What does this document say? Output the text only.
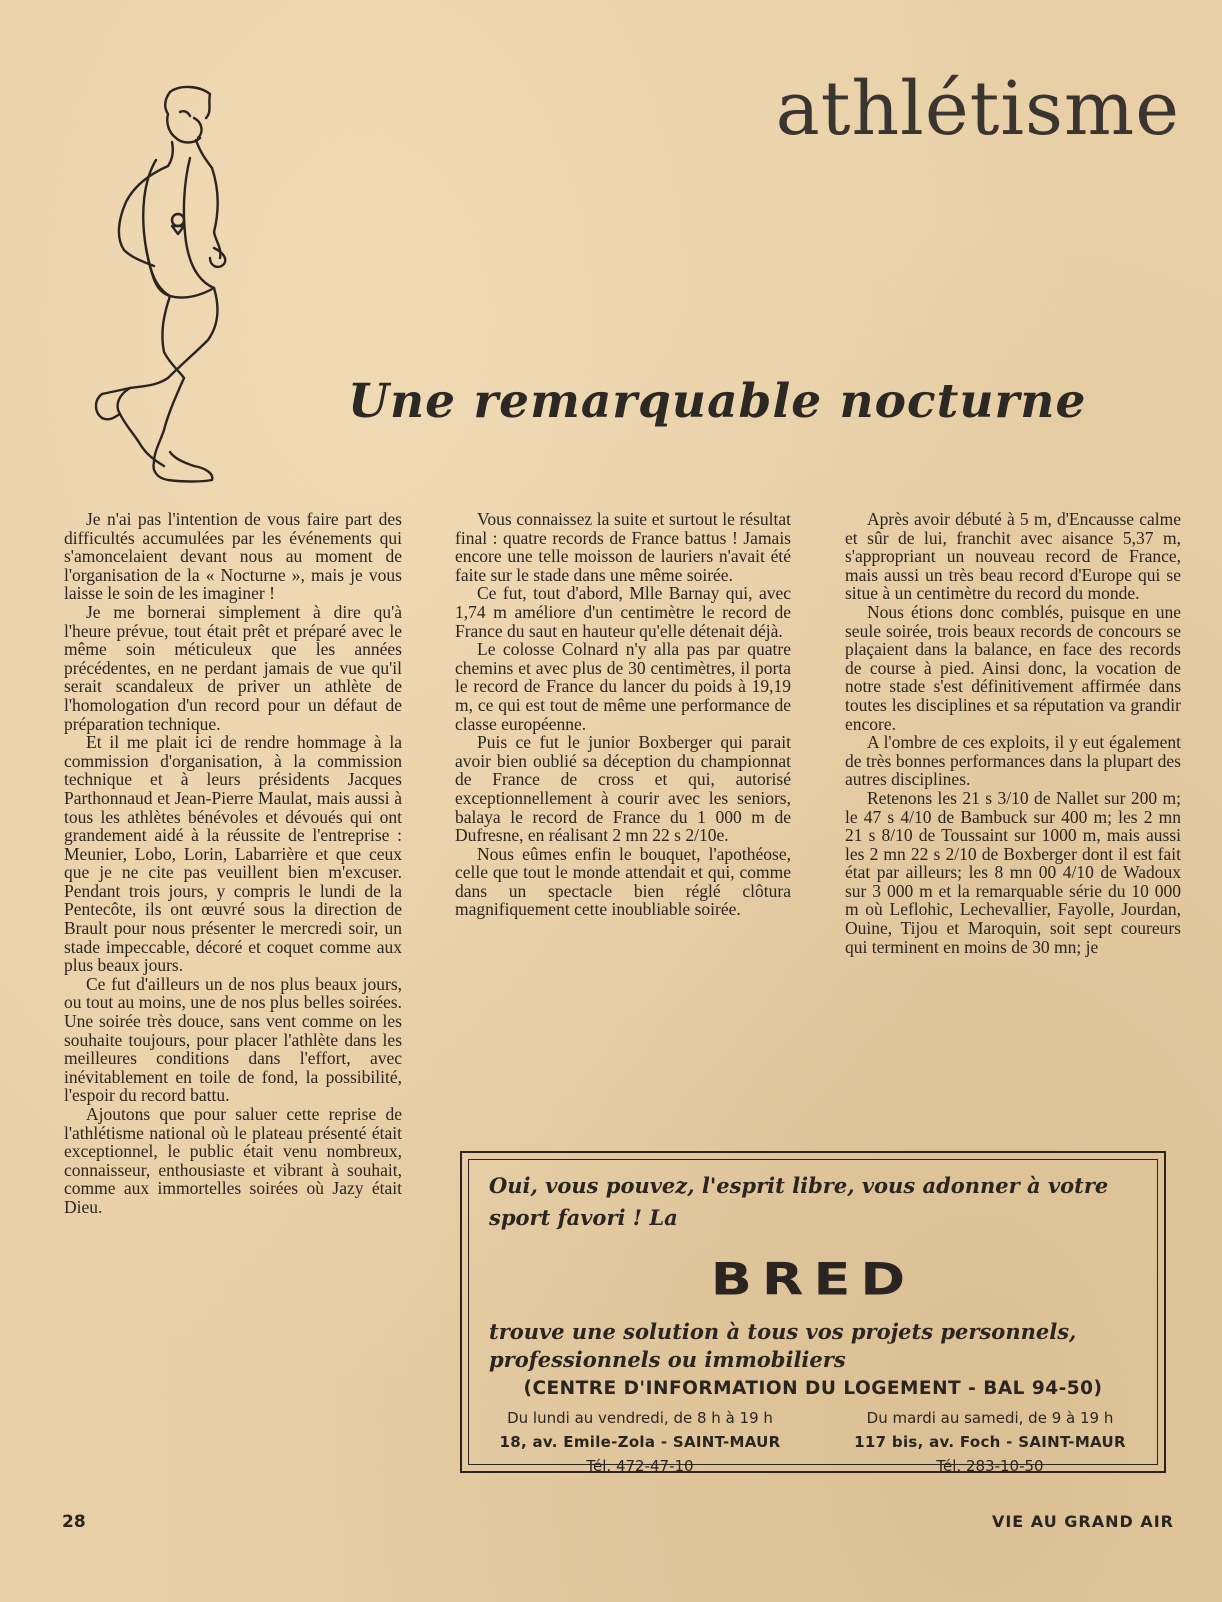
athlétisme
Une remarquable nocturne

Je n'ai pas l'intention de vous faire part des difficultés accumulées par les événements qui s'amoncelaient devant nous au moment de l'organisation de la « Nocturne », mais je vous laisse le soin de les imaginer !

Je me bornerai simplement à dire qu'à l'heure prévue, tout était prêt et préparé avec le même soin méticuleux que les années précédentes, en ne perdant jamais de vue qu'il serait scandaleux de priver un athlète de l'homologation d'un record pour un défaut de préparation technique.

Et il me plait ici de rendre hommage à la commission d'organisation, à la commission technique et à leurs présidents Jacques Parthonnaud et Jean-Pierre Maulat, mais aussi à tous les athlètes bénévoles et dévoués qui ont grandement aidé à la réussite de l'entreprise : Meunier, Lobo, Lorin, Labarrière et que ceux que je ne cite pas veuillent bien m'excuser. Pendant trois jours, y compris le lundi de la Pentecôte, ils ont œuvré sous la direction de Brault pour nous présenter le mercredi soir, un stade impeccable, décoré et coquet comme aux plus beaux jours.

Ce fut d'ailleurs un de nos plus beaux jours, ou tout au moins, une de nos plus belles soirées. Une soirée très douce, sans vent comme on les souhaite toujours, pour placer l'athlète dans les meilleures conditions dans l'effort, avec inévitablement en toile de fond, la possibilité, l'espoir du record battu.

Ajoutons que pour saluer cette reprise de l'athlétisme national où le plateau présenté était exceptionnel, le public était venu nombreux, connaisseur, enthousiaste et vibrant à souhait, comme aux immortelles soirées où Jazy était Dieu.

Vous connaissez la suite et surtout le résultat final : quatre records de France battus ! Jamais encore une telle moisson de lauriers n'avait été faite sur le stade dans une même soirée.

Ce fut, tout d'abord, Mlle Barnay qui, avec 1,74 m améliore d'un centimètre le record de France du saut en hauteur qu'elle détenait déjà.

Le colosse Colnard n'y alla pas par quatre chemins et avec plus de 30 centimètres, il porta le record de France du lancer du poids à 19,19 m, ce qui est tout de même une performance de classe européenne.

Puis ce fut le junior Boxberger qui parait avoir bien oublié sa déception du championnat de France de cross et qui, autorisé exceptionnellement à courir avec les seniors, balaya le record de France du 1 000 m de Dufresne, en réalisant 2 mn 22 s 2/10e.

Nous eûmes enfin le bouquet, l'apothéose, celle que tout le monde attendait et qui, comme dans un spectacle bien réglé clôtura magnifiquement cette inoubliable soirée.

Après avoir débuté à 5 m, d'Encausse calme et sûr de lui, franchit avec aisance 5,37 m, s'appropriant un nouveau record de France, mais aussi un très beau record d'Europe qui se situe à un centimètre du record du monde.

Nous étions donc comblés, puisque en une seule soirée, trois beaux records de concours se plaçaient dans la balance, en face des records de course à pied. Ainsi donc, la vocation de notre stade s'est définitivement affirmée dans toutes les disciplines et sa réputation va grandir encore.

A l'ombre de ces exploits, il y eut également de très bonnes performances dans la plupart des autres disciplines.

Retenons les 21 s 3/10 de Nallet sur 200 m; le 47 s 4/10 de Bambuck sur 400 m; les 2 mn 21 s 8/10 de Toussaint sur 1000 m, mais aussi les 2 mn 22 s 2/10 de Boxberger dont il est fait état par ailleurs; les 8 mn 00 4/10 de Wadoux sur 3 000 m et la remarquable série du 10 000 m où Leflohic, Lechevallier, Fayolle, Jourdan, Ouine, Tijou et Maroquin, soit sept coureurs qui terminent en moins de 30 mn; je

Oui, vous pouvez, l'esprit libre, vous adonner à votre sport favori ! La

BRED

trouve une solution à tous vos projets personnels, professionnels ou immobiliers

(CENTRE D'INFORMATION DU LOGEMENT - BAL 94-50)
Du lundi au vendredi, de 8 h à 19 h
18, av. Emile-Zola - SAINT-MAUR
Tél. 472-47-10
Du mardi au samedi, de 9 à 19 h
117 bis, av. Foch - SAINT-MAUR
Tél. 283-10-50
28	VIE AU GRAND AIR
